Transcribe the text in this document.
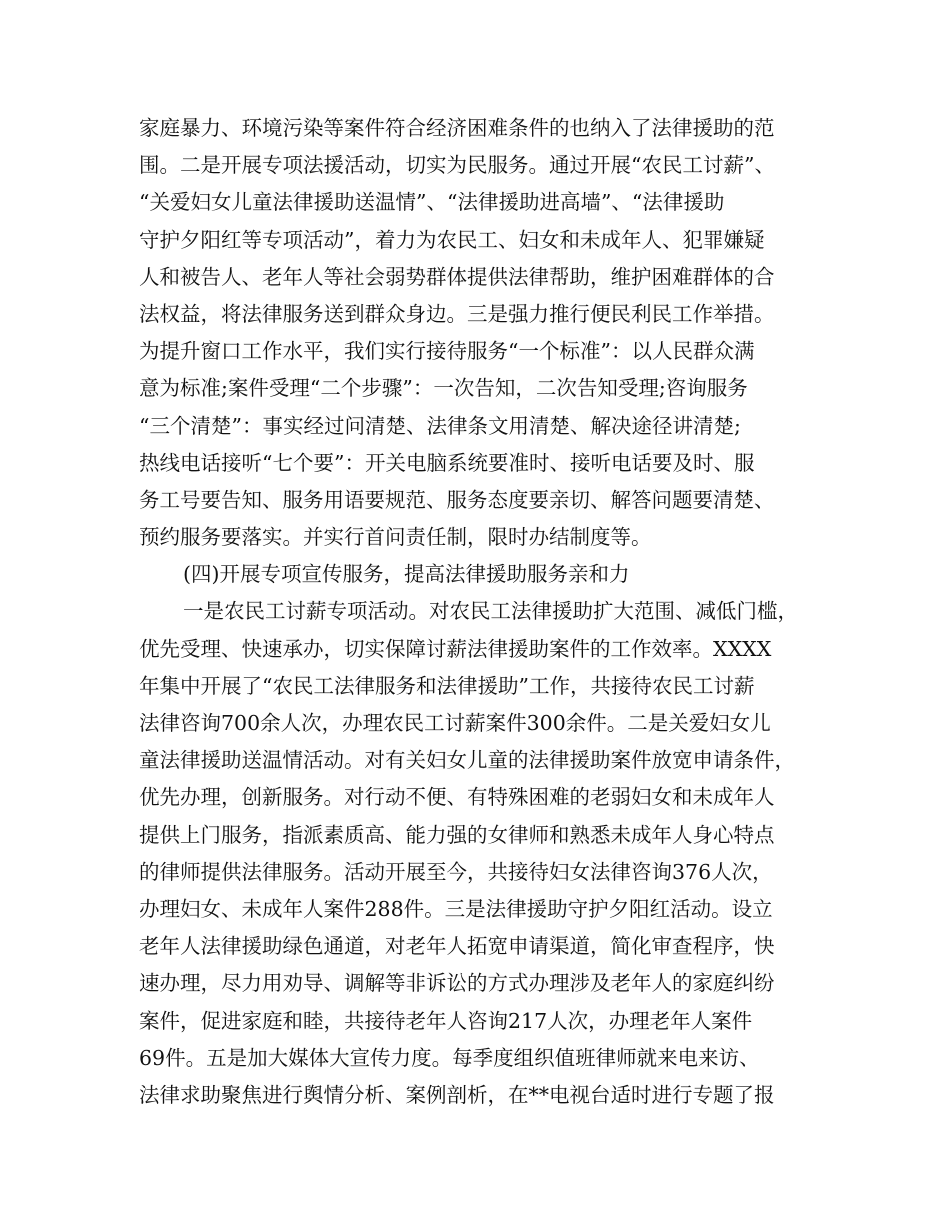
家庭暴力、环境污染等案件符合经济困难条件的也纳入了法律援助的范
围。二是开展专项法援活动，切实为民服务。通过开展“农民工讨薪”、
“关爱妇女儿童法律援助送温情”、“法律援助进高墙”、“法律援助
守护夕阳红等专项活动”，着力为农民工、妇女和未成年人、犯罪嫌疑
人和被告人、老年人等社会弱势群体提供法律帮助，维护困难群体的合
法权益，将法律服务送到群众身边。三是强力推行便民利民工作举措。
为提升窗口工作水平，我们实行接待服务“一个标准”：以人民群众满
意为标准;案件受理“二个步骤”：一次告知，二次告知受理;咨询服务
“三个清楚”：事实经过问清楚、法律条文用清楚、解决途径讲清楚;
热线电话接听“七个要”：开关电脑系统要准时、接听电话要及时、服
务工号要告知、服务用语要规范、服务态度要亲切、解答问题要清楚、
预约服务要落实。并实行首问责任制，限时办结制度等。
(四)开展专项宣传服务，提高法律援助服务亲和力
一是农民工讨薪专项活动。对农民工法律援助扩大范围、减低门槛，
优先受理、快速承办，切实保障讨薪法律援助案件的工作效率。XXXX
年集中开展了“农民工法律服务和法律援助”工作，共接待农民工讨薪
法律咨询700余人次，办理农民工讨薪案件300余件。二是关爱妇女儿
童法律援助送温情活动。对有关妇女儿童的法律援助案件放宽申请条件，
优先办理，创新服务。对行动不便、有特殊困难的老弱妇女和未成年人
提供上门服务，指派素质高、能力强的女律师和熟悉未成年人身心特点
的律师提供法律服务。活动开展至今，共接待妇女法律咨询376人次，
办理妇女、未成年人案件288件。三是法律援助守护夕阳红活动。设立
老年人法律援助绿色通道，对老年人拓宽申请渠道，简化审查程序，快
速办理，尽力用劝导、调解等非诉讼的方式办理涉及老年人的家庭纠纷
案件，促进家庭和睦，共接待老年人咨询217人次，办理老年人案件
69件。五是加大媒体大宣传力度。每季度组织值班律师就来电来访、
法律求助聚焦进行舆情分析、案例剖析，在**电视台适时进行专题了报
